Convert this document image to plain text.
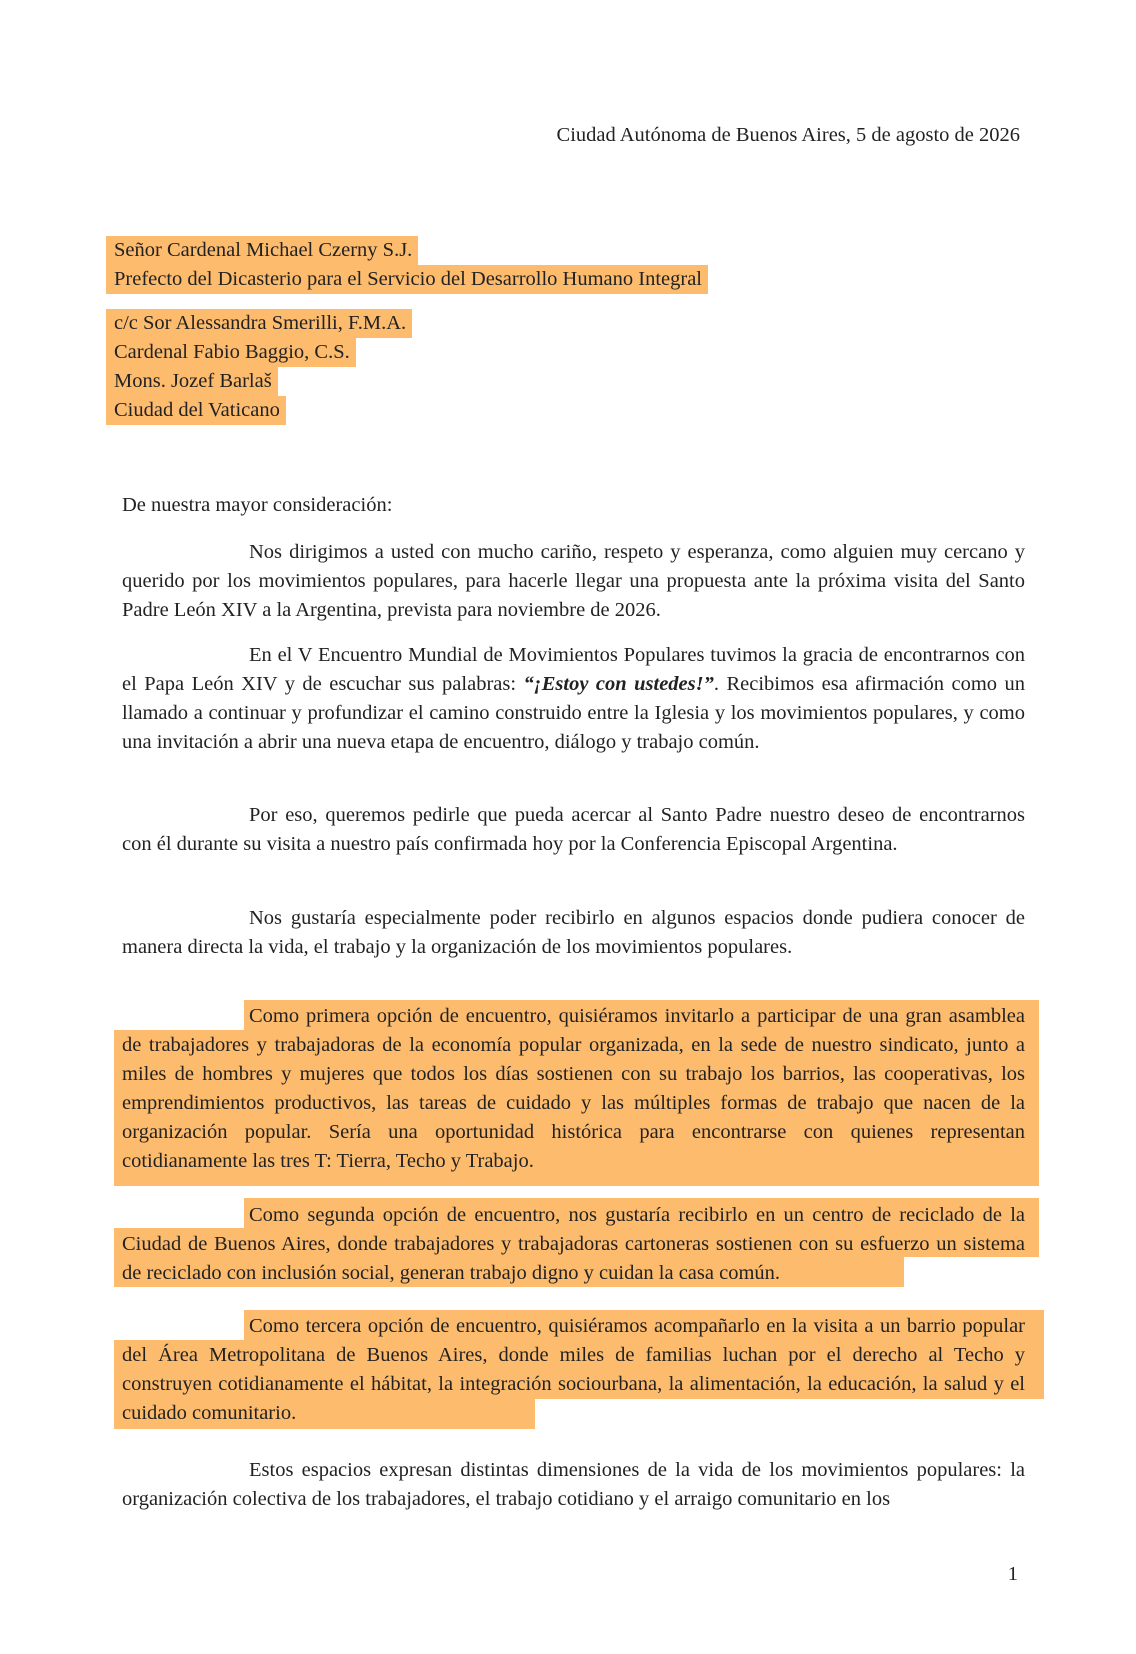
Ciudad Autónoma de Buenos Aires, 5 de agosto de 2026
Señor Cardenal Michael Czerny S.J.
Prefecto del Dicasterio para el Servicio del Desarrollo Humano Integral
c/c Sor Alessandra Smerilli, F.M.A.
Cardenal Fabio Baggio, C.S.
Mons. Jozef Barlaš
Ciudad del Vaticano
De nuestra mayor consideración:

Nos dirigimos a usted con mucho cariño, respeto y esperanza, como alguien muy cercano y querido por los movimientos populares, para hacerle llegar una propuesta ante la próxima visita del Santo Padre León XIV a la Argentina, prevista para noviembre de 2026.

En el V Encuentro Mundial de Movimientos Populares tuvimos la gracia de encontrarnos con el Papa León XIV y de escuchar sus palabras: “¡Estoy con ustedes!”. Recibimos esa afirmación como un llamado a continuar y profundizar el camino construido entre la Iglesia y los movimientos populares, y como una invitación a abrir una nueva etapa de encuentro, diálogo y trabajo común.

Por eso, queremos pedirle que pueda acercar al Santo Padre nuestro deseo de encontrarnos con él durante su visita a nuestro país confirmada hoy por la Conferencia Episcopal Argentina.

Nos gustaría especialmente poder recibirlo en algunos espacios donde pudiera conocer de manera directa la vida, el trabajo y la organización de los movimientos populares.

Como primera opción de encuentro, quisiéramos invitarlo a participar de una gran asamblea de trabajadores y trabajadoras de la economía popular organizada, en la sede de nuestro sindicato, junto a miles de hombres y mujeres que todos los días sostienen con su trabajo los barrios, las cooperativas, los emprendimientos productivos, las tareas de cuidado y las múltiples formas de trabajo que nacen de la organización popular. Sería una oportunidad histórica para encontrarse con quienes representan cotidianamente las tres T: Tierra, Techo y Trabajo.

Como segunda opción de encuentro, nos gustaría recibirlo en un centro de reciclado de la Ciudad de Buenos Aires, donde trabajadores y trabajadoras cartoneras sostienen con su esfuerzo un sistema de reciclado con inclusión social, generan trabajo digno y cuidan la casa común.

Como tercera opción de encuentro, quisiéramos acompañarlo en la visita a un barrio popular del Área Metropolitana de Buenos Aires, donde miles de familias luchan por el derecho al Techo y construyen cotidianamente el hábitat, la integración sociourbana, la alimentación, la educación, la salud y el cuidado comunitario.

Estos espacios expresan distintas dimensiones de la vida de los movimientos populares: la organización colectiva de los trabajadores, el trabajo cotidiano y el arraigo comunitario en los

1
